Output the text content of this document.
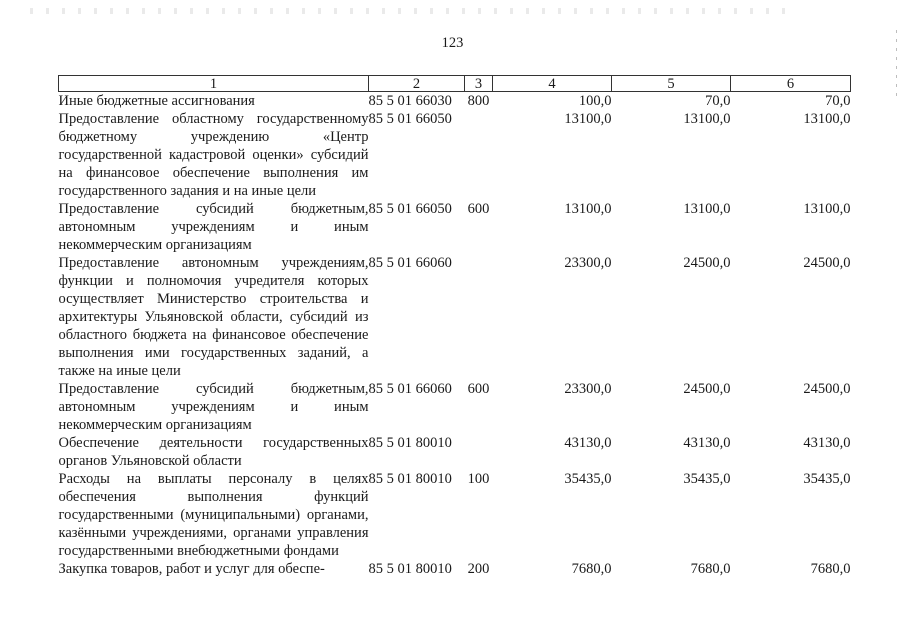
123
1	2	3	4	5	6
Иные бюджетные ассигнования	85 5 01 66030	800	100,0	70,0	70,0
Предоставление областному государственному бюджетному учреждению «Центр государственной кадастровой оценки» субсидий на финансовое обеспечение выполнения им государственного задания и на иные цели	85 5 01 66050		13100,0	13100,0	13100,0
Предоставление субсидий бюджетным, автономным учреждениям и иным некоммерческим организациям	85 5 01 66050	600	13100,0	13100,0	13100,0
Предоставление автономным учреждениям, функции и полномочия учредителя которых осуществляет Министерство строительства и архитектуры Ульяновской области, субсидий из областного бюджета на финансовое обеспечение выполнения ими государственных заданий, а также на иные цели	85 5 01 66060		23300,0	24500,0	24500,0
Предоставление субсидий бюджетным, автономным учреждениям и иным некоммерческим организациям	85 5 01 66060	600	23300,0	24500,0	24500,0
Обеспечение деятельности государственных органов Ульяновской области	85 5 01 80010		43130,0	43130,0	43130,0
Расходы на выплаты персоналу в целях обеспечения выполнения функций государственными (муниципальными) органами, казёнными учреждениями, органами управления государственными внебюджетными фондами	85 5 01 80010	100	35435,0	35435,0	35435,0
Закупка товаров, работ и услуг для обеспе-	85 5 01 80010	200	7680,0	7680,0	7680,0
